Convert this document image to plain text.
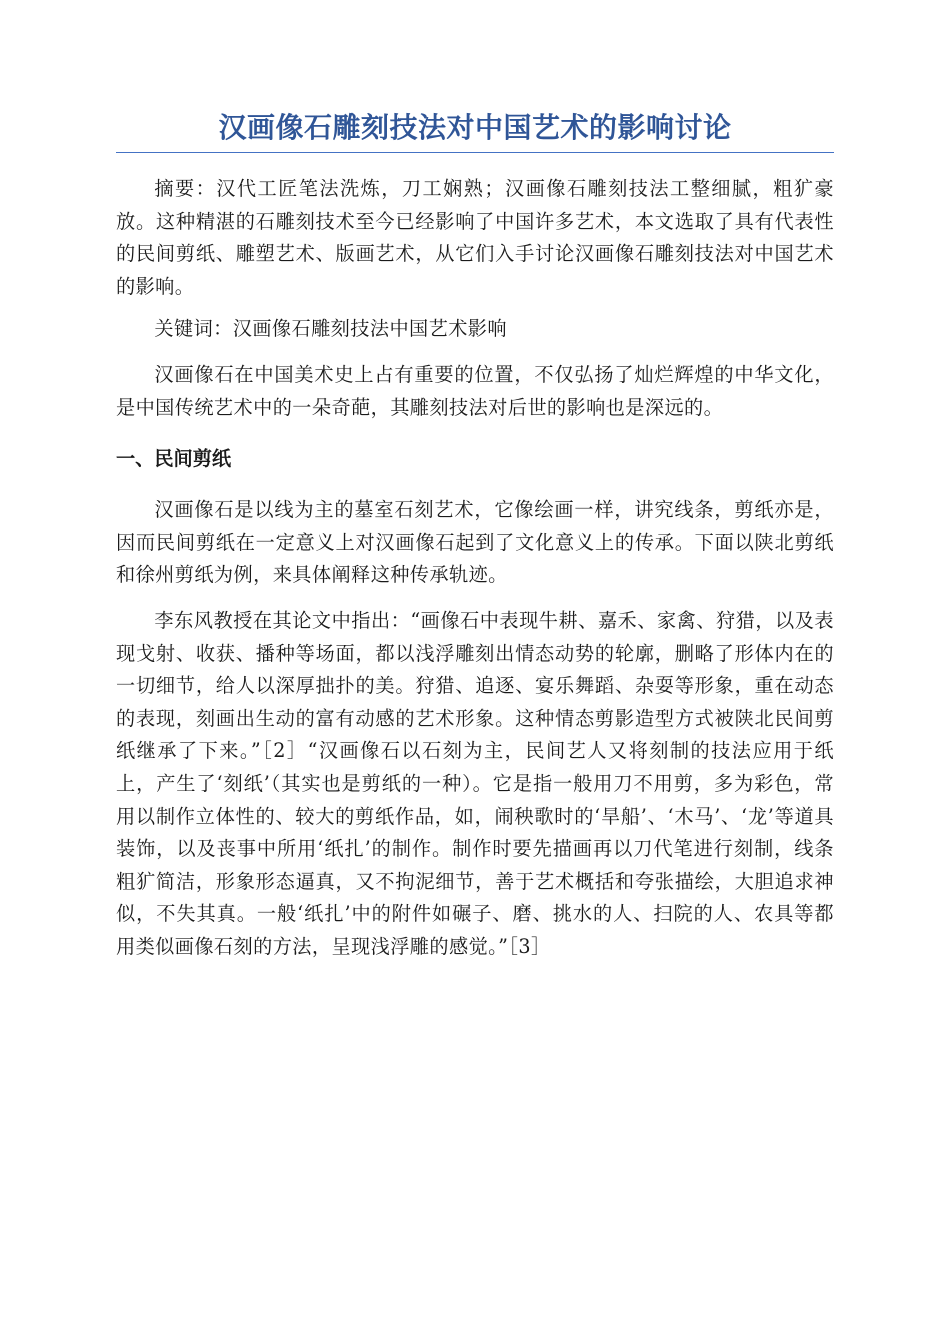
汉画像石雕刻技法对中国艺术的影响讨论

摘要：汉代工匠笔法洗炼，刀工娴熟；汉画像石雕刻技法工整细腻，粗犷豪放。这种精湛的石雕刻技术至今已经影响了中国许多艺术，本文选取了具有代表性的民间剪纸、雕塑艺术、版画艺术，从它们入手讨论汉画像石雕刻技法对中国艺术的影响。

关键词：汉画像石雕刻技法中国艺术影响

汉画像石在中国美术史上占有重要的位置，不仅弘扬了灿烂辉煌的中华文化，是中国传统艺术中的一朵奇葩，其雕刻技法对后世的影响也是深远的。

一、民间剪纸

汉画像石是以线为主的墓室石刻艺术，它像绘画一样，讲究线条，剪纸亦是，因而民间剪纸在一定意义上对汉画像石起到了文化意义上的传承。下面以陕北剪纸和徐州剪纸为例，来具体阐释这种传承轨迹。

李东风教授在其论文中指出：“画像石中表现牛耕、嘉禾、家禽、狩猎，以及表现戈射、收获、播种等场面，都以浅浮雕刻出情态动势的轮廓，删略了形体内在的一切细节，给人以深厚拙扑的美。狩猎、追逐、宴乐舞蹈、杂耍等形象，重在动态的表现，刻画出生动的富有动感的艺术形象。这种情态剪影造型方式被陕北民间剪纸继承了下来。”［2］“汉画像石以石刻为主，民间艺人又将刻制的技法应用于纸上，产生了‘刻纸’（其实也是剪纸的一种）。它是指一般用刀不用剪，多为彩色，常用以制作立体性的、较大的剪纸作品，如，闹秧歌时的‘旱船’、‘木马’、‘龙’等道具装饰，以及丧事中所用‘纸扎’的制作。制作时要先描画再以刀代笔进行刻制，线条粗犷简洁，形象形态逼真，又不拘泥细节，善于艺术概括和夸张描绘，大胆追求神似，不失其真。一般‘纸扎’中的附件如碾子、磨、挑水的人、扫院的人、农具等都用类似画像石刻的方法，呈现浅浮雕的感觉。”［3］
